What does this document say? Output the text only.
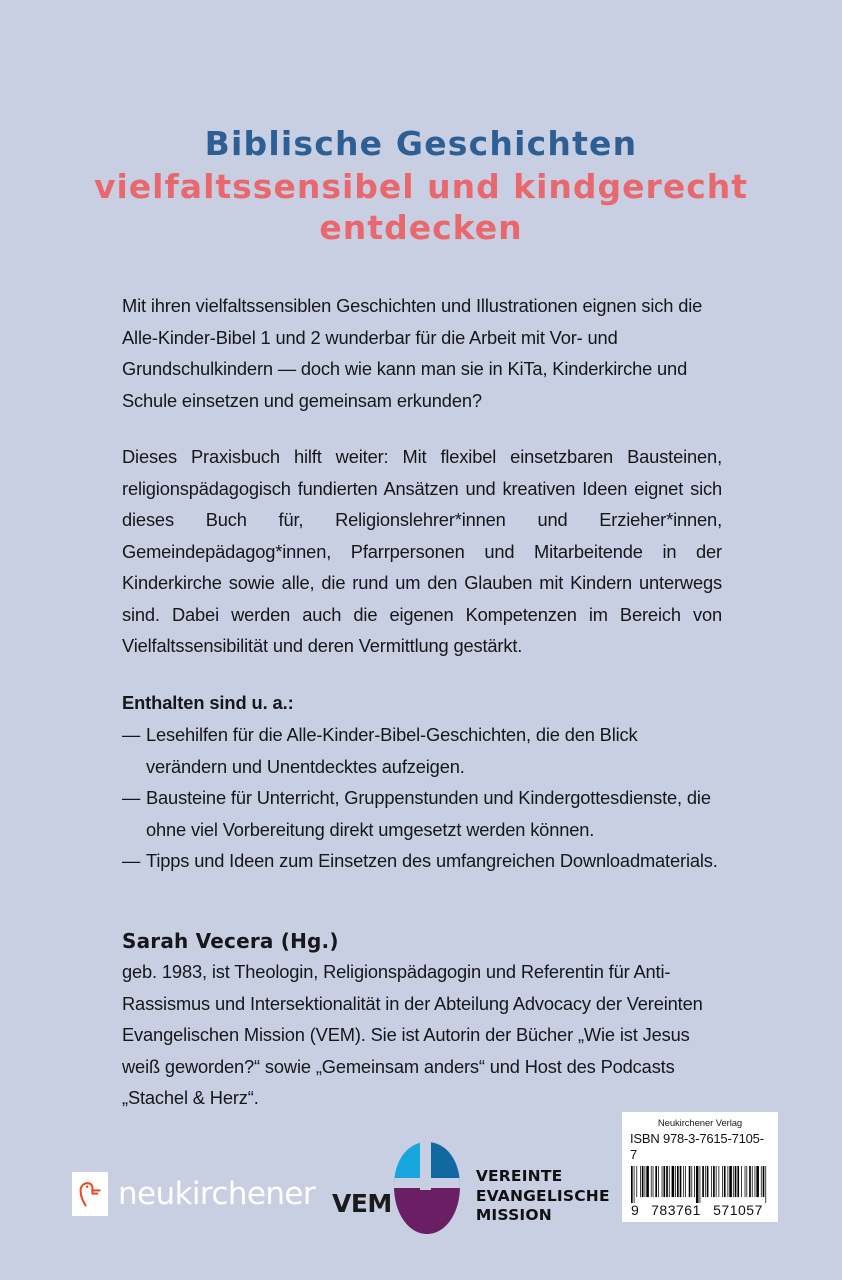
Biblische Geschichten
vielfaltssensibel und kindgerecht
entdecken

Mit ihren vielfaltssensiblen Geschichten und Illustrationen eignen sich die Alle-Kinder-Bibel 1 und 2 wunderbar für die Arbeit mit Vor- und Grundschulkindern — doch wie kann man sie in KiTa, Kinderkirche und Schule einsetzen und gemeinsam erkunden?

Dieses Praxisbuch hilft weiter: Mit flexibel einsetzbaren Bausteinen, religionspädagogisch fundierten Ansätzen und kreativen Ideen eignet sich dieses Buch für, Religionslehrer*innen und Erzieher*innen, Gemeindepädagog*innen, Pfarrpersonen und Mitarbeitende in der Kinderkirche sowie alle, die rund um den Glauben mit Kindern unterwegs sind. Dabei werden auch die eigenen Kompetenzen im Bereich von Vielfaltssensibilität und deren Vermittlung gestärkt.

Enthalten sind u. a.:
— Lesehilfen für die Alle-Kinder-Bibel-Geschichten, die den Blick verändern und Unentdecktes aufzeigen.
— Bausteine für Unterricht, Gruppenstunden und Kindergottesdienste, die ohne viel Vorbereitung direkt umgesetzt werden können.
— Tipps und Ideen zum Einsetzen des umfangreichen Downloadmaterials.
Sarah Vecera (Hg.)

geb. 1983, ist Theologin, Religionspädagogin und Referentin für Anti-Rassismus und Intersektionalität in der Abteilung Advocacy der Vereinten Evangelischen Mission (VEM). Sie ist Autorin der Bücher „Wie ist Jesus weiß geworden?“ sowie „Gemeinsam anders“ und Host des Podcasts „Stachel & Herz“.

neukirchener VEM
VEREINTE
EVANGELISCHE
MISSION
Neukirchener Verlag
ISBN 978-3-7615-7105-7
9 783761 571057
